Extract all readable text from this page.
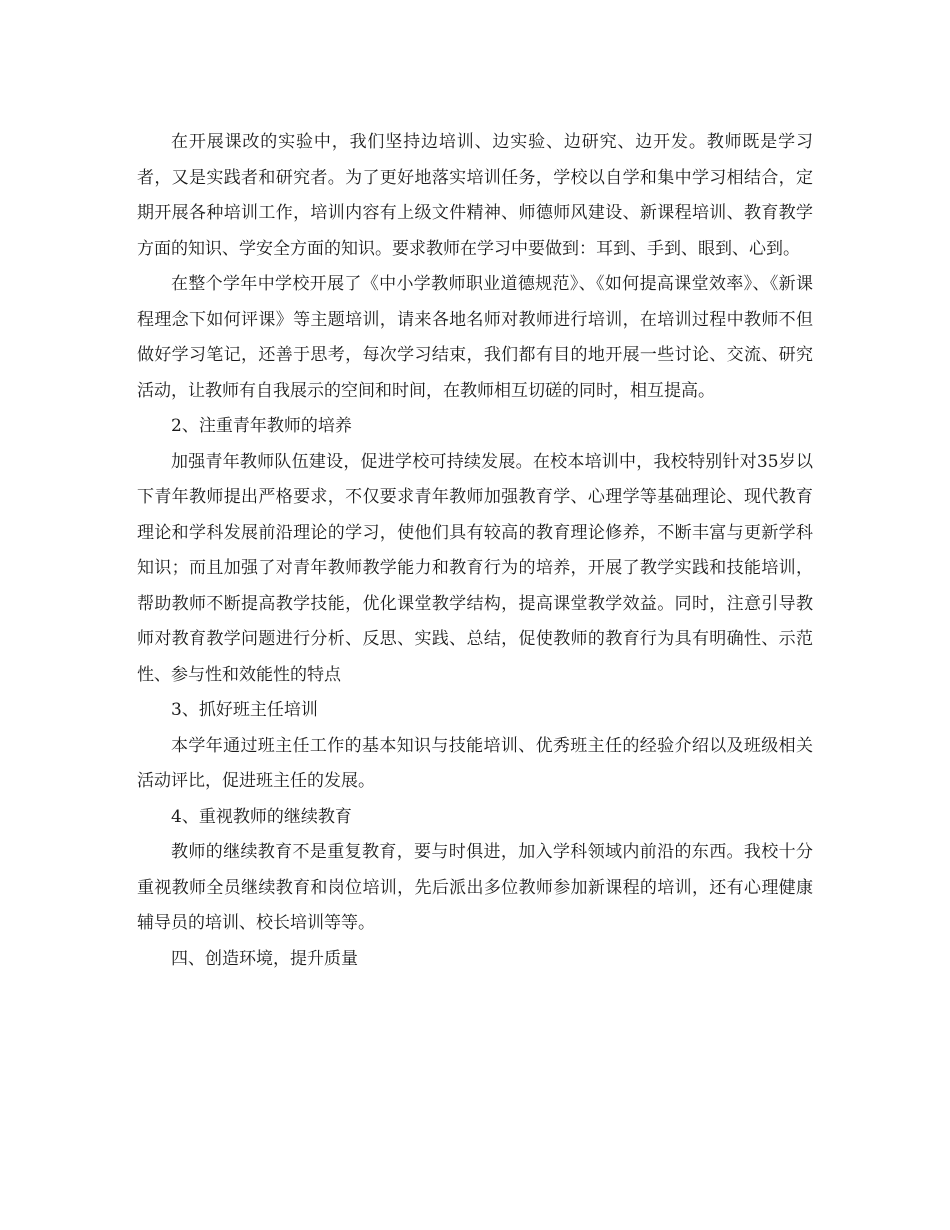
在开展课改的实验中，我们坚持边培训、边实验、边研究、边开发。教师既是学习者，又是实践者和研究者。为了更好地落实培训任务，学校以自学和集中学习相结合，定期开展各种培训工作，培训内容有上级文件精神、师德师风建设、新课程培训、教育教学方面的知识、学安全方面的知识。要求教师在学习中要做到：耳到、手到、眼到、心到。

在整个学年中学校开展了《中小学教师职业道德规范》、《如何提高课堂效率》、《新课程理念下如何评课》等主题培训，请来各地名师对教师进行培训，在培训过程中教师不但做好学习笔记，还善于思考，每次学习结束，我们都有目的地开展一些讨论、交流、研究活动，让教师有自我展示的空间和时间，在教师相互切磋的同时，相互提高。

2、注重青年教师的培养

加强青年教师队伍建设，促进学校可持续发展。在校本培训中，我校特别针对35岁以下青年教师提出严格要求，不仅要求青年教师加强教育学、心理学等基础理论、现代教育理论和学科发展前沿理论的学习，使他们具有较高的教育理论修养，不断丰富与更新学科知识；而且加强了对青年教师教学能力和教育行为的培养，开展了教学实践和技能培训，帮助教师不断提高教学技能，优化课堂教学结构，提高课堂教学效益。同时，注意引导教师对教育教学问题进行分析、反思、实践、总结，促使教师的教育行为具有明确性、示范性、参与性和效能性的特点

3、抓好班主任培训

本学年通过班主任工作的基本知识与技能培训、优秀班主任的经验介绍以及班级相关活动评比，促进班主任的发展。

4、重视教师的继续教育

教师的继续教育不是重复教育，要与时俱进，加入学科领域内前沿的东西。我校十分重视教师全员继续教育和岗位培训，先后派出多位教师参加新课程的培训，还有心理健康辅导员的培训、校长培训等等。

四、创造环境，提升质量
